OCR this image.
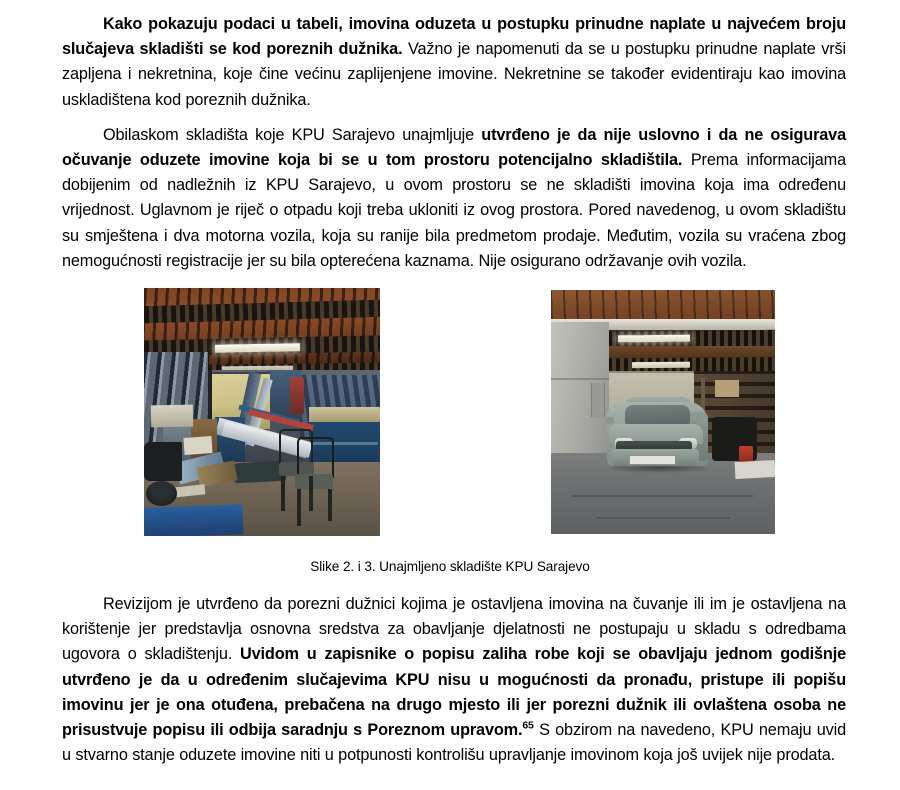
Kako pokazuju podaci u tabeli, imovina oduzeta u postupku prinudne naplate u najvećem broju slučajeva skladišti se kod poreznih dužnika. Važno je napomenuti da se u postupku prinudne naplate vrši zapljena i nekretnina, koje čine većinu zaplijenjene imovine. Nekretnine se također evidentiraju kao imovina uskladištena kod poreznih dužnika.

Obilaskom skladišta koje KPU Sarajevo unajmljuje utvrđeno je da nije uslovno i da ne osigurava očuvanje oduzete imovine koja bi se u tom prostoru potencijalno skladištila. Prema informacijama dobijenim od nadležnih iz KPU Sarajevo, u ovom prostoru se ne skladišti imovina koja ima određenu vrijednost. Uglavnom je riječ o otpadu koji treba ukloniti iz ovog prostora. Pored navedenog, u ovom skladištu su smještena i dva motorna vozila, koja su ranije bila predmetom prodaje. Međutim, vozila su vraćena zbog nemogućnosti registracije jer su bila opterećena kaznama. Nije osigurano održavanje ovih vozila.

Slike 2. i 3. Unajmljeno skladište KPU Sarajevo

Revizijom je utvrđeno da porezni dužnici kojima je ostavljena imovina na čuvanje ili im je ostavljena na korištenje jer predstavlja osnovna sredstva za obavljanje djelatnosti ne postupaju u skladu s odredbama ugovora o skladištenju. Uvidom u zapisnike o popisu zaliha robe koji se obavljaju jednom godišnje utvrđeno je da u određenim slučajevima KPU nisu u mogućnosti da pronađu, pristupe ili popišu imovinu jer je ona otuđena, prebačena na drugo mjesto ili jer porezni dužnik ili ovlaštena osoba ne prisustvuje popisu ili odbija saradnju s Poreznom upravom.$^{65}$ S obzirom na navedeno, KPU nemaju uvid u stvarno stanje oduzete imovine niti u potpunosti kontrolišu upravljanje imovinom koja još uvijek nije prodata.
